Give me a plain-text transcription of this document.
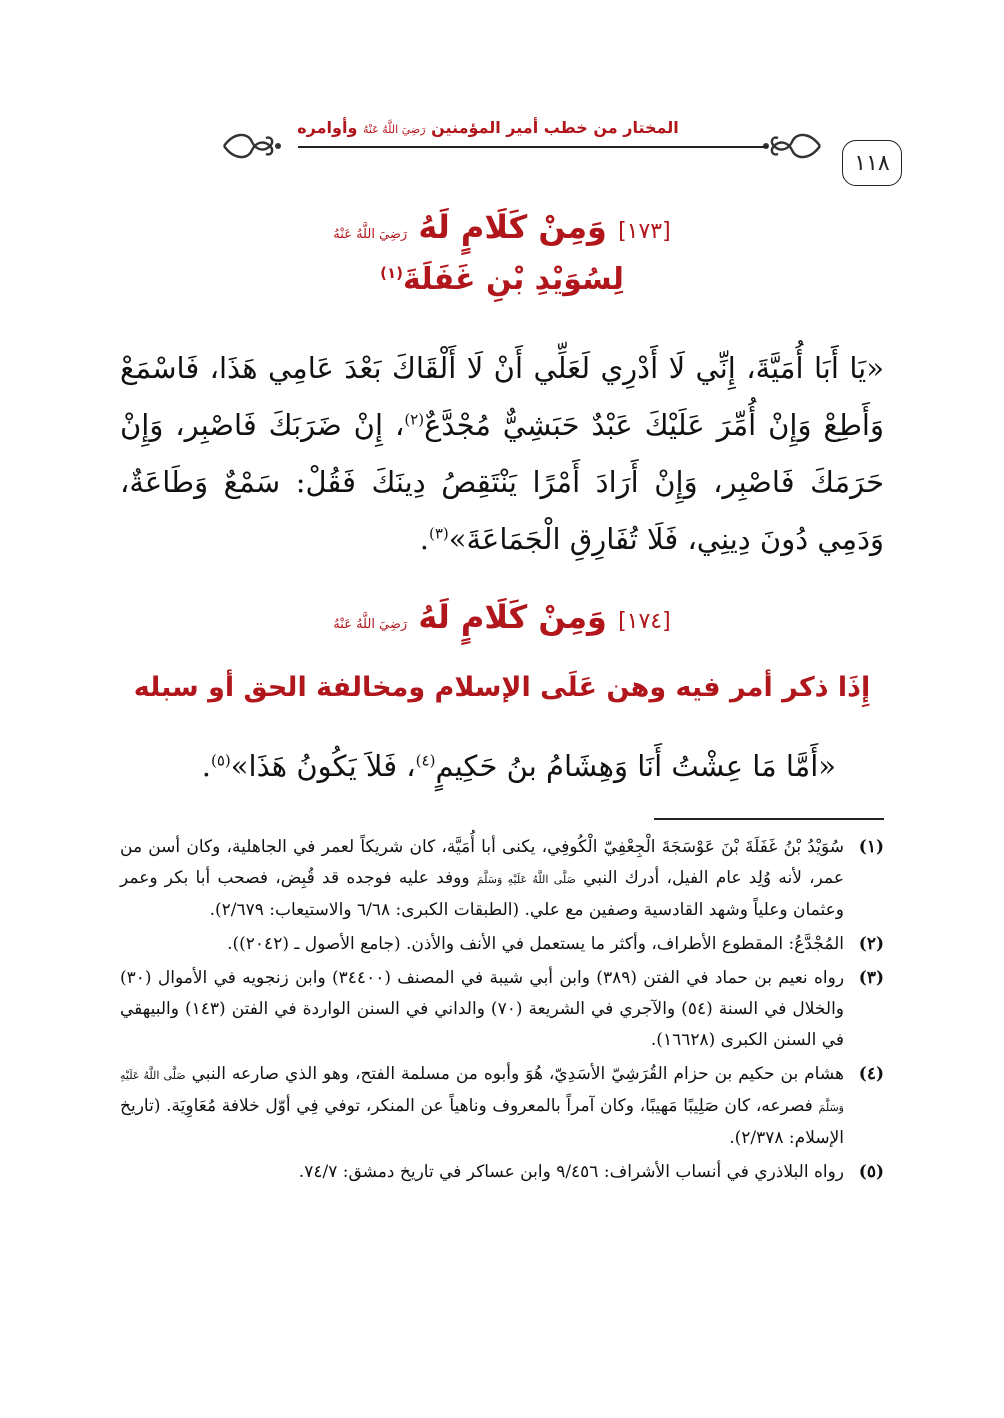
١١٨
المختار من خطب أمير المؤمنين رَضِيَ اللَّهُ عَنْهُ وأوامره
[١٧٣] وَمِنْ كَلَامٍ لَهُ رَضِيَ اللَّهُ عَنْهُ
لِسُوَيْدِ بْنِ غَفَلَةَ$^{(١)}$
«يَا أَبَا أُمَيَّةَ، إِنِّي لَا أَدْرِي لَعَلِّي أَنْ لَا أَلْقَاكَ بَعْدَ عَامِي هَذَا، فَاسْمَعْ وَأَطِعْ وَإِنْ أُمِّرَ عَلَيْكَ عَبْدٌ حَبَشِيٌّ مُجْدَّعٌ$^{(٢)}$، إِنْ ضَرَبَكَ فَاصْبِر، وَإِنْ حَرَمَكَ فَاصْبِر، وَإِنْ أَرَادَ أَمْرًا يَنْتَقِصُ دِينَكَ فَقُلْ: سَمْعٌ وَطَاعَةٌ، وَدَمِي دُونَ دِينِي، فَلَا تُفَارِقِ الْجَمَاعَةَ»$^{(٣)}$.
[١٧٤] وَمِنْ كَلَامٍ لَهُ رَضِيَ اللَّهُ عَنْهُ
إِذَا ذكر أمر فيه وهن عَلَى الإسلام ومخالفة الحق أو سبله
«أَمَّا مَا عِشْتُ أَنَا وَهِشَامُ بنُ حَكِيمٍ$^{(٤)}$، فَلاَ يَكُونُ هَذَا»$^{(٥)}$.
(١)
سُوَيْدُ بْنُ غَفَلَةَ بْنَ عَوْسَجَةَ الْجِعْفِيّ الْكُوفِي، يكنى أبا أُمَيَّة، كان شريكاً لعمر في الجاهلية، وكان أسن من عمر، لأنه وُلِد عام الفيل، أدرك النبي صَلَّى اللَّهُ عَلَيْهِ وَسَلَّمَ ووفد عليه فوجده قد قُبِض، فصحب أبا بكر وعمر وعثمان وعلياً وشهد القادسية وصفين مع علي. (الطبقات الكبرى: ٦/٦٨ والاستيعاب: ٢/٦٧٩).
(٢)
المُجْدَّعُ: المقطوع الأطراف، وأكثر ما يستعمل في الأنف والأذن. (جامع الأصول ـ (٢٠٤٢)).
(٣)
رواه نعيم بن حماد في الفتن (٣٨٩) وابن أبي شيبة في المصنف (٣٤٤٠٠) وابن زنجويه في الأموال (٣٠) والخلال في السنة (٥٤) والآجري في الشريعة (٧٠) والداني في السنن الواردة في الفتن (١٤٣) والبيهقي في السنن الكبرى (١٦٦٢٨).
(٤)
هشام بن حكيم بن حزام القُرَشِيّ الأسَدِيّ، هُوَ وأبوه من مسلمة الفتح، وهو الذي صارعه النبي صَلَّى اللَّهُ عَلَيْهِ وَسَلَّمَ فصرعه، كان صَلِيبًا مَهيبًا، وكان آمراً بالمعروف وناهياً عن المنكر، توفي فِي أوّل خلافة مُعَاوِيَة. (تاريخ الإسلام: ٢/٣٧٨).
(٥)
رواه البلاذري في أنساب الأشراف: ٩/٤٥٦ وابن عساكر في تاريخ دمشق: ٧٤/٧.
